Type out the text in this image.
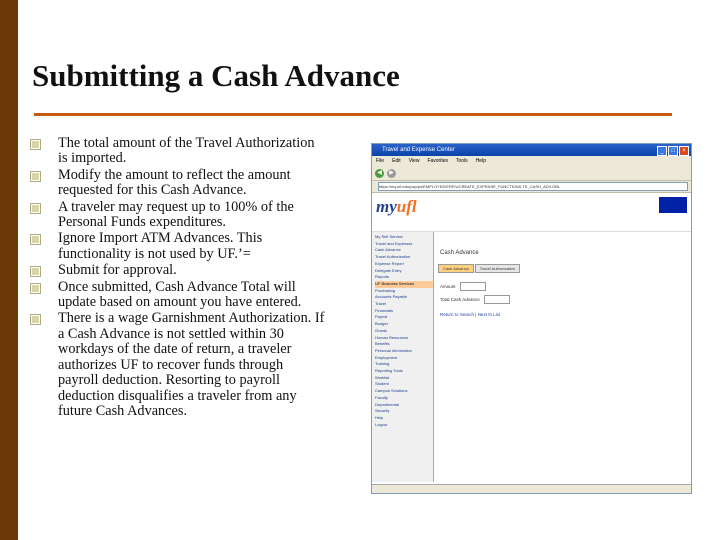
Submitting a Cash Advance
The total amount of the Travel Authorization is imported.
Modify the amount to reflect the amount requested for this Cash Advance.
A traveler may request up to 100% of the Personal Funds expenditures.
Ignore Import ATM Advances. This functionality is not used by UF.’=
Submit for approval.
Once submitted, Cash Advance Total will update based on amount you have entered.
There is a wage Garnishment Authorization. If a Cash Advance is not settled within 30 workdays of the date of return, a traveler authorizes UF to recover funds through payroll deduction. Resorting to payroll deduction disqualifies a traveler from any future Cash Advances.
Travel and Expense Center	_	□	×
File Edit View Favorites Tools Help
◀	▶
https://my.ufl.edu/psp/ps/EMPLOYEE/ERP/c/CREATE_EXPENSE_FUNCTIONS.TE_CASH_ADV.GBL
myufl
My Self Service
Travel and Expenses
Cash Advance
Travel Authorization
Expense Report
Delegate Entry
Reports
UF Business Services
Purchasing
Accounts Payable
Travel
Financials
Payroll
Budget
Grants
Human Resources
Benefits
Personal Information
Employment
Training
Reporting Tools
Worklist
Student
Campus Solutions
Faculty
Departmental
Security
Help
Logout
Cash Advance
Cash Advance	Travel Authorization
Amount
Total Cash Advance
Return to Search | Next In List
